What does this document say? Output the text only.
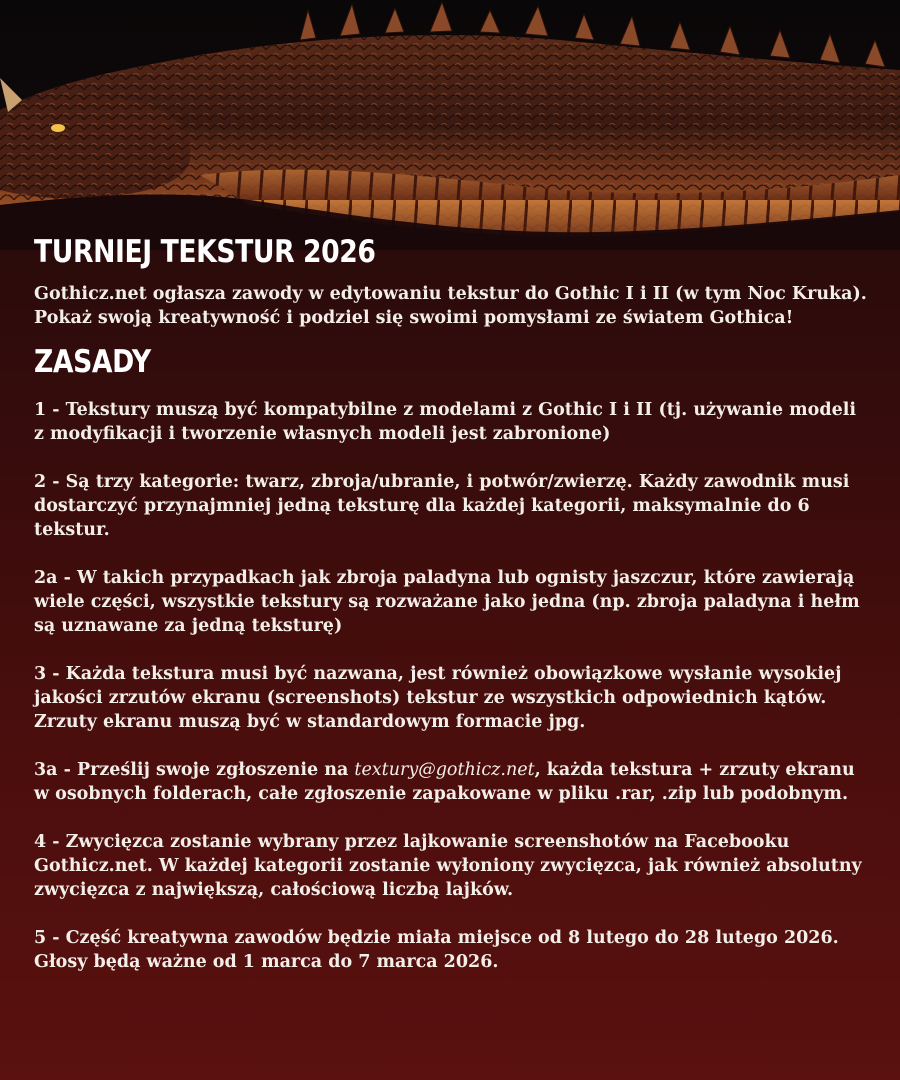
TURNIEJ TEKSTUR 2026

Gothicz.net ogłasza zawody w edytowaniu tekstur do Gothic I i II (w tym Noc Kruka). Pokaż swoją kreatywność i podziel się swoimi pomysłami ze światem Gothica!

ZASADY

1 - Tekstury muszą być kompatybilne z modelami z Gothic I i II (tj. używanie modeli z modyfikacji i tworzenie własnych modeli jest zabronione)

2 - Są trzy kategorie: twarz, zbroja/ubranie, i potwór/zwierzę. Każdy zawodnik musi dostarczyć przynajmniej jedną teksturę dla każdej kategorii, maksymalnie do 6 tekstur.

2a - W takich przypadkach jak zbroja paladyna lub ognisty jaszczur, które zawierają wiele części, wszystkie tekstury są rozważane jako jedna (np. zbroja paladyna i hełm są uznawane za jedną teksturę)

3 - Każda tekstura musi być nazwana, jest również obowiązkowe wysłanie wysokiej jakości zrzutów ekranu (screenshots) tekstur ze wszystkich odpowiednich kątów. Zrzuty ekranu muszą być w standardowym formacie jpg.

3a - Prześlij swoje zgłoszenie na textury@gothicz.net, każda tekstura + zrzuty ekranu w osobnych folderach, całe zgłoszenie zapakowane w pliku .rar, .zip lub podobnym.

4 - Zwycięzca zostanie wybrany przez lajkowanie screenshotów na Facebooku Gothicz.net. W każdej kategorii zostanie wyłoniony zwycięzca, jak również absolutny zwycięzca z największą, całościową liczbą lajków.

5 - Część kreatywna zawodów będzie miała miejsce od 8 lutego do 28 lutego 2026. Głosy będą ważne od 1 marca do 7 marca 2026.
